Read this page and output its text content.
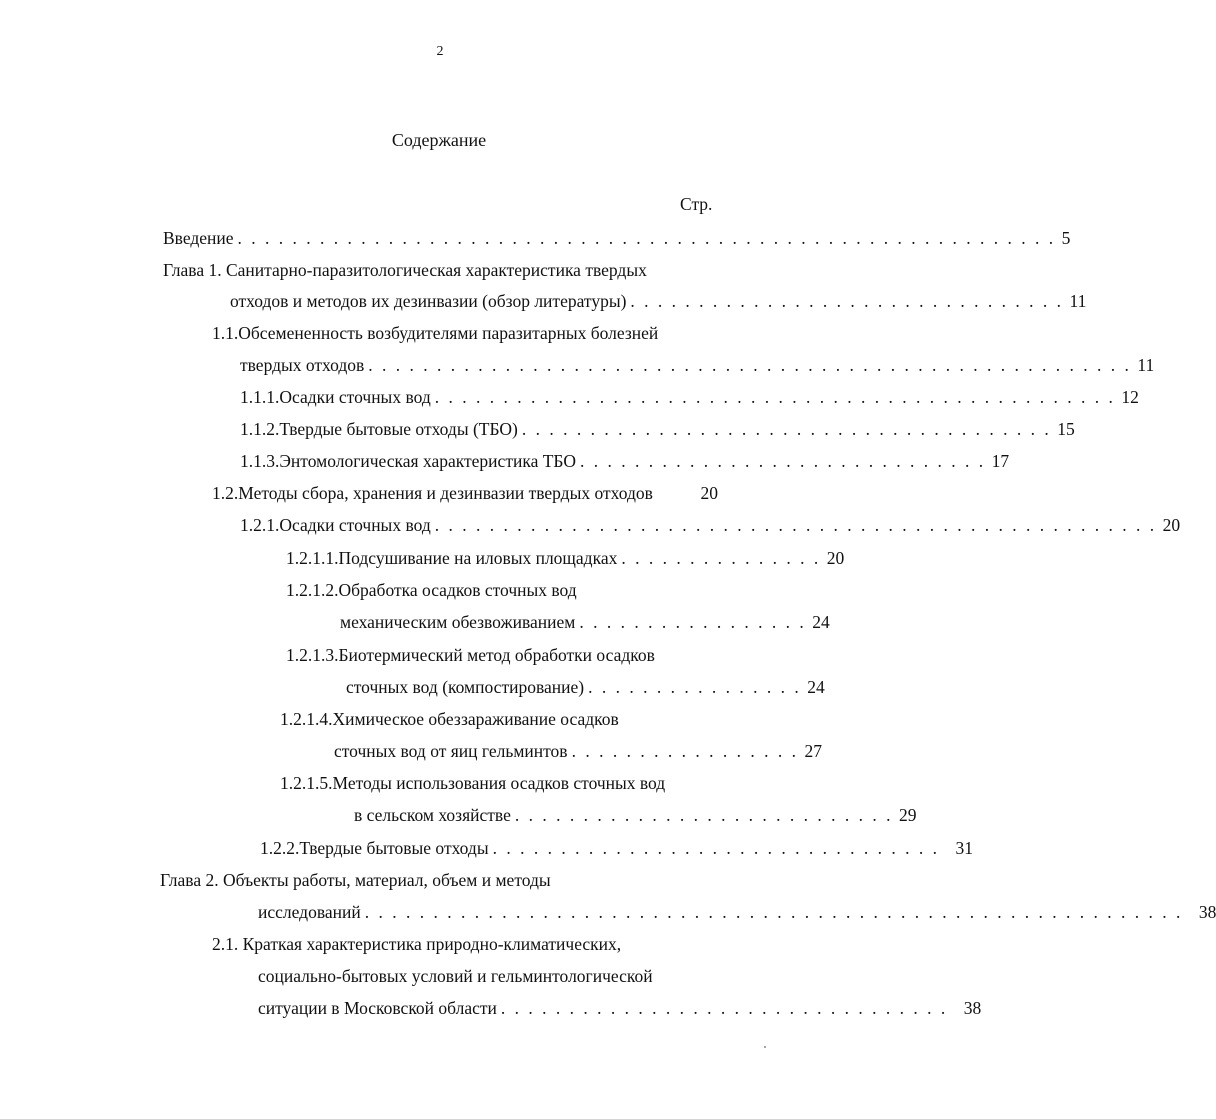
2
Содержание
Стр.
Введение . . . . . . . . . . . . . . . . . . . . . . . . . . . . . . . . . . . . . . . . . . . . . . . . . . . . . . . . . . . . 5
Глава 1. Санитарно-паразитологическая характеристика твердых
отходов и методов их дезинвазии (обзор литературы) . . . . . . . . . . . . . . . . . . . . . . . . . . . . . . . . 11
1.1.Обсемененность возбудителями паразитарных болезней
твердых отходов . . . . . . . . . . . . . . . . . . . . . . . . . . . . . . . . . . . . . . . . . . . . . . . . . . . . . . . . 11
1.1.1.Осадки сточных вод . . . . . . . . . . . . . . . . . . . . . . . . . . . . . . . . . . . . . . . . . . . . . . . . . . 12
1.1.2.Твердые бытовые отходы (ТБО) . . . . . . . . . . . . . . . . . . . . . . . . . . . . . . . . . . . . . . . 15
1.1.3.Энтомологическая характеристика ТБО . . . . . . . . . . . . . . . . . . . . . . . . . . . . . . 17
1.2.Методы сбора, хранения и дезинвазии твердых отходов	20
1.2.1.Осадки сточных вод . . . . . . . . . . . . . . . . . . . . . . . . . . . . . . . . . . . . . . . . . . . . . . . . . . . . . 20
1.2.1.1.Подсушивание на иловых площадках . . . . . . . . . . . . . . . 20
1.2.1.2.Обработка осадков сточных вод
механическим обезвоживанием . . . . . . . . . . . . . . . . . 24
1.2.1.3.Биотермический метод обработки осадков
сточных вод (компостирование) . . . . . . . . . . . . . . . . 24
1.2.1.4.Химическое обеззараживание осадков
сточных вод от яиц гельминтов . . . . . . . . . . . . . . . . . 27
1.2.1.5.Методы использования осадков сточных вод
в сельском хозяйстве . . . . . . . . . . . . . . . . . . . . . . . . . . . . 29
1.2.2.Твердые бытовые отходы . . . . . . . . . . . . . . . . . . . . . . . . . . . . . . . . . 31
Глава 2. Объекты работы, материал, объем и методы
исследований . . . . . . . . . . . . . . . . . . . . . . . . . . . . . . . . . . . . . . . . . . . . . . . . . . . . . . . . . . . . 38
2.1. Краткая характеристика природно-климатических,
социально-бытовых условий и гельминтологической
ситуации в Московской области . . . . . . . . . . . . . . . . . . . . . . . . . . . . . . . . . 38
